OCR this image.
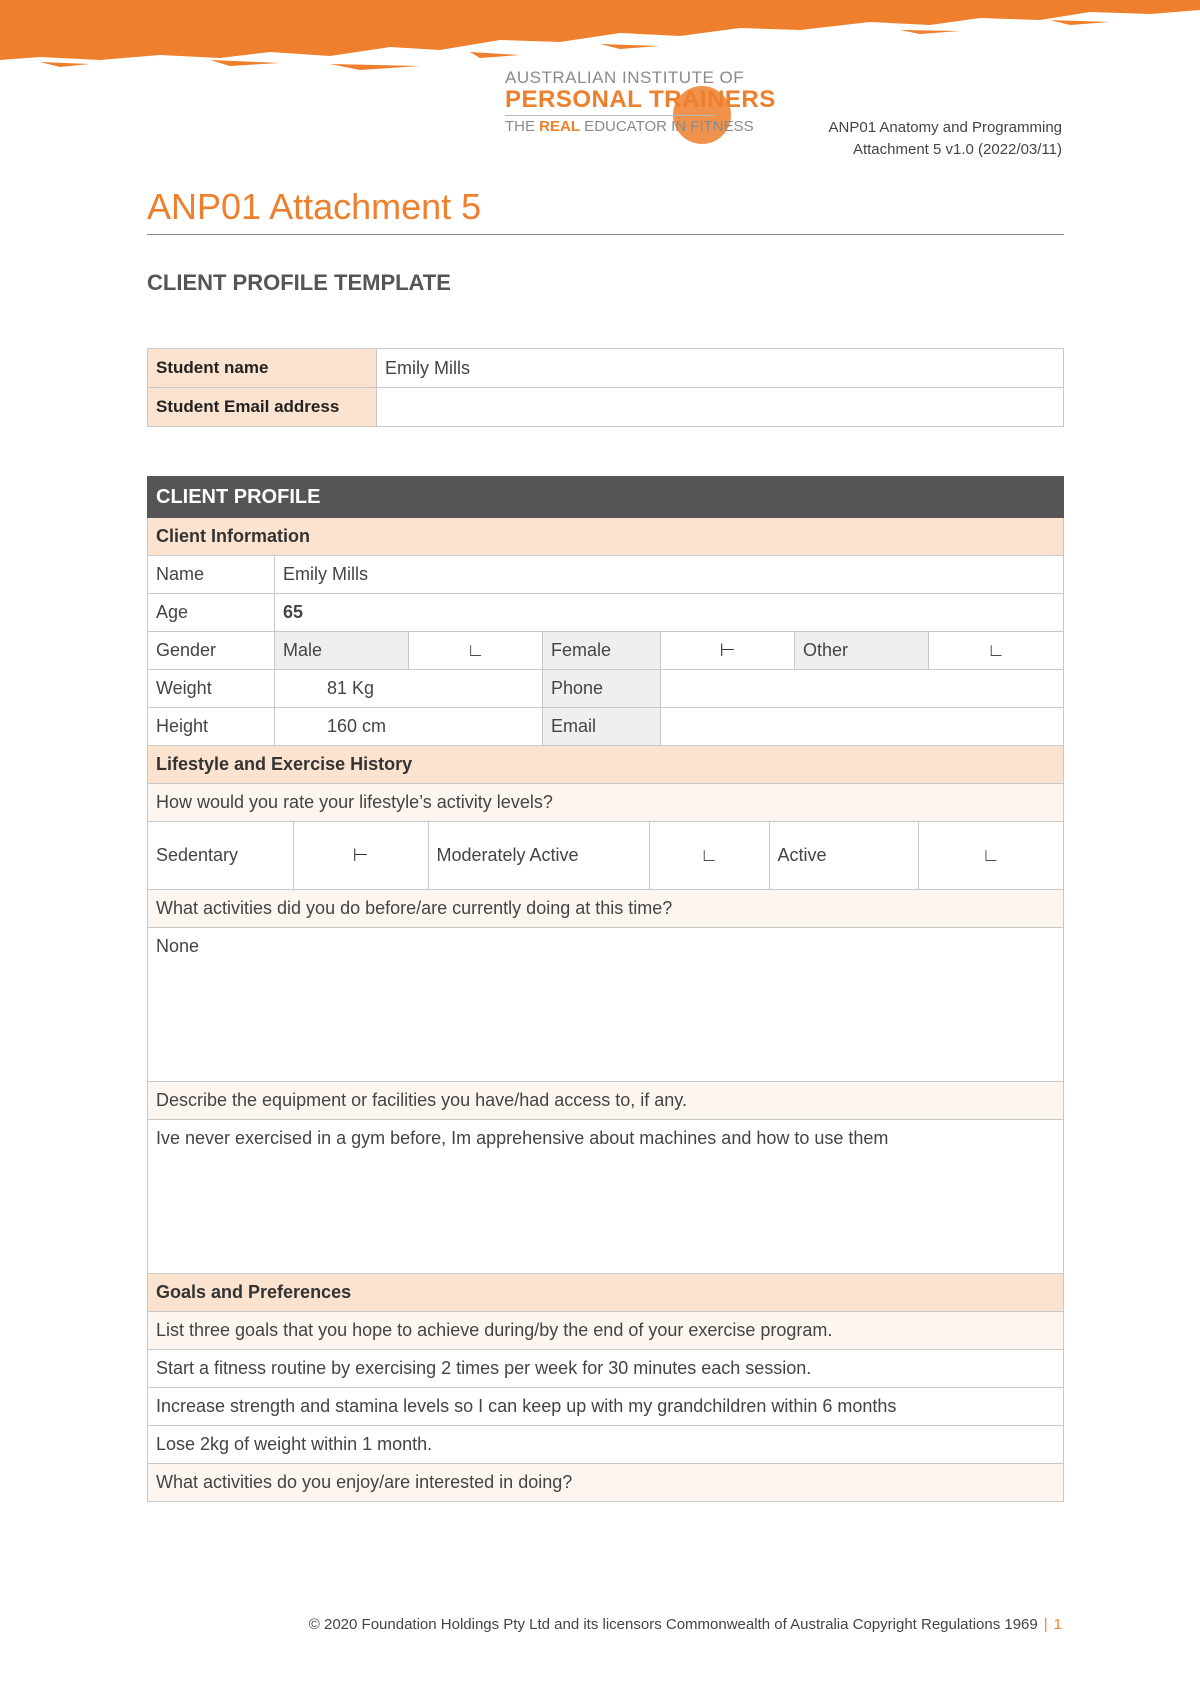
AUSTRALIAN INSTITUTE OF
PERSONAL TRAINERS
THE REAL EDUCATOR IN FITNESS	ANP01 Anatomy and Programming
Attachment 5 v1.0 (2022/03/11)
ANP01 Attachment 5
CLIENT PROFILE TEMPLATE
Student name	Emily Mills
Student Email address	
CLIENT PROFILE
Client Information
Name	Emily Mills
Age	65
Gender	Male	∟	Female	⊢	Other	∟
Weight	81 Kg	Phone	
Height	160 cm	Email	
Lifestyle and Exercise History
How would you rate your lifestyle’s activity levels?

Sedentary	⊢	Moderately Active	∟	Active	∟

What activities did you do before/are currently doing at this time?
None
Describe the equipment or facilities you have/had access to, if any.
Ive never exercised in a gym before, Im apprehensive about machines and how to use them
Goals and Preferences
List three goals that you hope to achieve during/by the end of your exercise program.
Start a fitness routine by exercising 2 times per week for 30 minutes each session.
Increase strength and stamina levels so I can keep up with my grandchildren within 6 months
Lose 2kg of weight within 1 month.
What activities do you enjoy/are interested in doing?
© 2020 Foundation Holdings Pty Ltd and its licensors Commonwealth of Australia Copyright Regulations 1969 | 1
